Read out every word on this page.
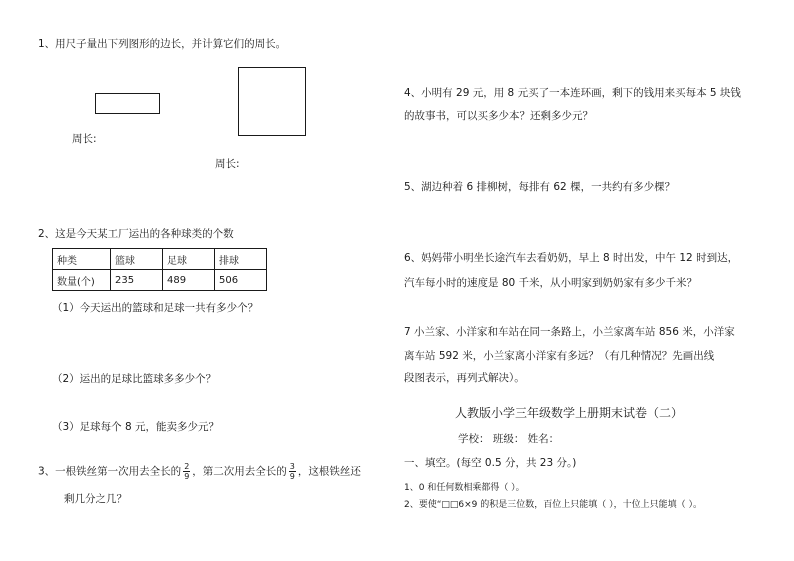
1、用尺子量出下列图形的边长，并计算它们的周长。
周长:
周长:
2、这是今天某工厂运出的各种球类的个数
种类	篮球	足球	排球
数量(个)	235	489	506
（1）今天运出的篮球和足球一共有多少个？
（2）运出的足球比篮球多多少个？
（3）足球每个 8 元，能卖多少元？
3、一根铁丝第一次用去全长的 $\frac{2}{9}$ ，第二次用去全长的 $\frac{3}{9}$ ，这根铁丝还
剩几分之几？
4、小明有 29 元，用 8 元买了一本连环画，剩下的钱用来买每本 5 块钱
的故事书，可以买多少本？还剩多少元？
5、湖边种着 6 排柳树，每排有 62 棵，一共约有多少棵？
6、妈妈带小明坐长途汽车去看奶奶，早上 8 时出发，中午 12 时到达，
汽车每小时的速度是 80 千米，从小明家到奶奶家有多少千米？
7 小兰家、小洋家和车站在同一条路上，小兰家离车站 856 米，小洋家
离车站 592 米，小兰家离小洋家有多远？（有几种情况？先画出线
段图表示，再列式解决）。
人教版小学三年级数学上册期末试卷（二）
学校： 班级： 姓名：
一、填空。(每空 0.5 分，共 23 分。)
1、0 和任何数相乘都得（ ）。
2、要使“□□6×9 的积是三位数，百位上只能填（ ），十位上只能填（ ）。
